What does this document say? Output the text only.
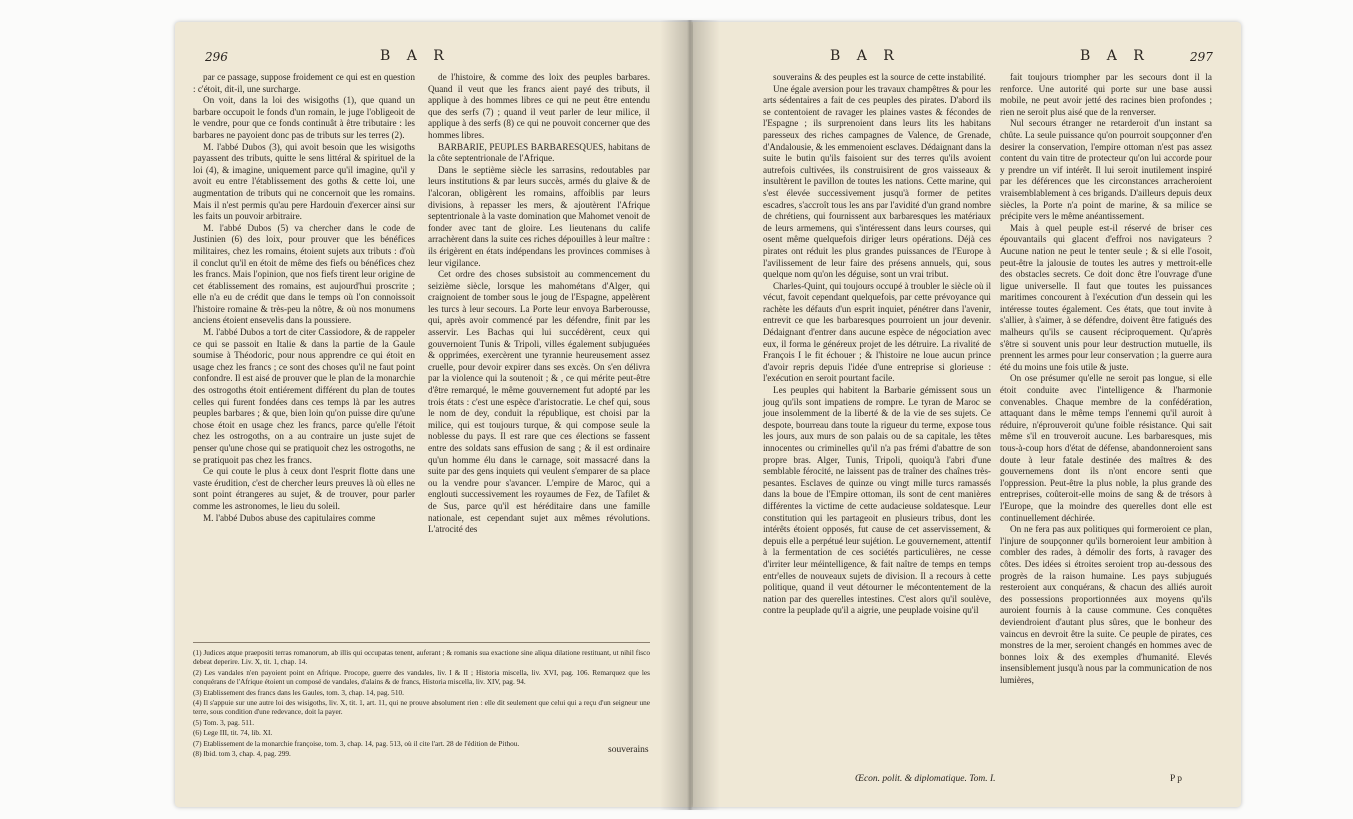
296	B A R

par ce passage, suppose froidement ce qui est en question : c'étoit, dit-il, une surcharge.

On voit, dans la loi des wisigoths (1), que quand un barbare occupoit le fonds d'un romain, le juge l'obligeoit de le vendre, pour que ce fonds continuât à être tributaire : les barbares ne payoient donc pas de tributs sur les terres (2).

M. l'abbé Dubos (3), qui avoit besoin que les wisigoths payassent des tributs, quitte le sens littéral & spirituel de la loi (4), & imagine, uniquement parce qu'il imagine, qu'il y avoit eu entre l'établissement des goths & cette loi, une augmentation de tributs qui ne concernoit que les romains. Mais il n'est permis qu'au pere Hardouin d'exercer ainsi sur les faits un pouvoir arbitraire.

M. l'abbé Dubos (5) va chercher dans le code de Justinien (6) des loix, pour prouver que les bénéfices militaires, chez les romains, étoient sujets aux tributs : d'où il conclut qu'il en étoit de même des fiefs ou bénéfices chez les francs. Mais l'opinion, que nos fiefs tirent leur origine de cet établissement des romains, est aujourd'hui proscrite ; elle n'a eu de crédit que dans le temps où l'on connoissoit l'histoire romaine & très-peu la nôtre, & où nos monumens anciens étoient ensevelis dans la poussiere.

M. l'abbé Dubos a tort de citer Cassiodore, & de rappeler ce qui se passoit en Italie & dans la partie de la Gaule soumise à Théodoric, pour nous apprendre ce qui étoit en usage chez les francs ; ce sont des choses qu'il ne faut point confondre. Il est aisé de prouver que le plan de la monarchie des ostrogoths étoit entiérement différent du plan de toutes celles qui furent fondées dans ces temps là par les autres peuples barbares ; & que, bien loin qu'on puisse dire qu'une chose étoit en usage chez les francs, parce qu'elle l'étoit chez les ostrogoths, on a au contraire un juste sujet de penser qu'une chose qui se pratiquoit chez les ostrogoths, ne se pratiquoit pas chez les francs.

Ce qui coute le plus à ceux dont l'esprit flotte dans une vaste érudition, c'est de chercher leurs preuves là où elles ne sont point étrangeres au sujet, & de trouver, pour parler comme les astronomes, le lieu du soleil.

M. l'abbé Dubos abuse des capitulaires comme

de l'histoire, & comme des loix des peuples barbares. Quand il veut que les francs aient payé des tributs, il applique à des hommes libres ce qui ne peut être entendu que des serfs (7) ; quand il veut parler de leur milice, il applique à des serfs (8) ce qui ne pouvoit concerner que des hommes libres.

BARBARIE, PEUPLES BARBARESQUES, habitans de la côte septentrionale de l'Afrique.

Dans le septième siècle les sarrasins, redoutables par leurs institutions & par leurs succès, armés du glaive & de l'alcoran, obligèrent les romains, affoiblis par leurs divisions, à repasser les mers, & ajoutèrent l'Afrique septentrionale à la vaste domination que Mahomet venoit de fonder avec tant de gloire. Les lieutenans du calife arrachèrent dans la suite ces riches dépouilles à leur maître : ils érigèrent en états indépendans les provinces commises à leur vigilance.

Cet ordre des choses subsistoit au commencement du seizième siècle, lorsque les mahométans d'Alger, qui craignoient de tomber sous le joug de l'Espagne, appelèrent les turcs à leur secours. La Porte leur envoya Barberousse, qui, après avoir commencé par les défendre, finit par les asservir. Les Bachas qui lui succédèrent, ceux qui gouvernoient Tunis & Tripoli, villes également subjuguées & opprimées, exercèrent une tyrannie heureusement assez cruelle, pour devoir expirer dans ses excès. On s'en délivra par la violence qui la soutenoit ; & , ce qui mérite peut-être d'être remarqué, le même gouvernement fut adopté par les trois états : c'est une espèce d'aristocratie. Le chef qui, sous le nom de dey, conduit la république, est choisi par la milice, qui est toujours turque, & qui compose seule la noblesse du pays. Il est rare que ces élections se fassent entre des soldats sans effusion de sang ; & il est ordinaire qu'un homme élu dans le carnage, soit massacré dans la suite par des gens inquiets qui veulent s'emparer de sa place ou la vendre pour s'avancer. L'empire de Maroc, qui a englouti successivement les royaumes de Fez, de Tafilet & de Sus, parce qu'il est héréditaire dans une famille nationale, est cependant sujet aux mêmes révolutions. L'atrocité des

(1) Judices atque praepositi terras romanorum, ab illis qui occupatas tenent, auferant ; & romanis sua exactione sine aliqua dilatione restituant, ut nihil fisco debeat deperire. Liv. X, tit. 1, chap. 14.

(2) Les vandales n'en payoient point en Afrique. Procope, guerre des vandales, liv. I & II ; Historia miscella, liv. XVI, pag. 106. Remarquez que les conquérans de l'Afrique étoient un composé de vandales, d'alains & de francs, Historia miscella, liv. XIV, pag. 94.

(3) Etablissement des francs dans les Gaules, tom. 3, chap. 14, pag. 510.

(4) Il s'appuie sur une autre loi des wisigoths, liv. X, tit. 1, art. 11, qui ne prouve absolument rien : elle dit seulement que celui qui a reçu d'un seigneur une terre, sous condition d'une redevance, doit la payer.

(5) Tom. 3, pag. 511.

(6) Lege III, tit. 74, lib. XI.

(7) Etablissement de la monarchie françoise, tom. 3, chap. 14, pag. 513, où il cite l'art. 28 de l'édition de Pithou.

(8) Ibid. tom 3, chap. 4, pag. 299.	souverains
B A R	B A R	297

souverains & des peuples est la source de cette instabilité.

Une égale aversion pour les travaux champêtres & pour les arts sédentaires a fait de ces peuples des pirates. D'abord ils se contentoient de ravager les plaines vastes & fécondes de l'Espagne ; ils surprenoient dans leurs lits les habitans paresseux des riches campagnes de Valence, de Grenade, d'Andalousie, & les emmenoient esclaves. Dédaignant dans la suite le butin qu'ils faisoient sur des terres qu'ils avoient autrefois cultivées, ils construisirent de gros vaisseaux & insultèrent le pavillon de toutes les nations. Cette marine, qui s'est élevée successivement jusqu'à former de petites escadres, s'accroît tous les ans par l'avidité d'un grand nombre de chrétiens, qui fournissent aux barbaresques les matériaux de leurs armemens, qui s'intéressent dans leurs courses, qui osent même quelquefois diriger leurs opérations. Déjà ces pirates ont réduit les plus grandes puissances de l'Europe à l'avilissement de leur faire des présens annuels, qui, sous quelque nom qu'on les déguise, sont un vrai tribut.

Charles-Quint, qui toujours occupé à troubler le siècle où il vécut, favoit cependant quelquefois, par cette prévoyance qui rachète les défauts d'un esprit inquiet, pénétrer dans l'avenir, entrevit ce que les barbaresques pourroient un jour devenir. Dédaignant d'entrer dans aucune espèce de négociation avec eux, il forma le généreux projet de les détruire. La rivalité de François I le fit échouer ; & l'histoire ne loue aucun prince d'avoir repris depuis l'idée d'une entreprise si glorieuse : l'exécution en seroit pourtant facile.

Les peuples qui habitent la Barbarie gémissent sous un joug qu'ils sont impatiens de rompre. Le tyran de Maroc se joue insolemment de la liberté & de la vie de ses sujets. Ce despote, bourreau dans toute la rigueur du terme, expose tous les jours, aux murs de son palais ou de sa capitale, les têtes innocentes ou criminelles qu'il n'a pas frémi d'abattre de son propre bras. Alger, Tunis, Tripoli, quoiqu'à l'abri d'une semblable férocité, ne laissent pas de traîner des chaînes très-pesantes. Esclaves de quinze ou vingt mille turcs ramassés dans la boue de l'Empire ottoman, ils sont de cent manières différentes la victime de cette audacieuse soldatesque. Leur constitution qui les partageoit en plusieurs tribus, dont les intérêts étoient opposés, fut cause de cet asservissement, & depuis elle a perpétué leur sujétion. Le gouvernement, attentif à la fermentation de ces sociétés particulières, ne cesse d'irriter leur méintelligence, & fait naître de temps en temps entr'elles de nouveaux sujets de division. Il a recours à cette politique, quand il veut détourner le mécontentement de la nation par des querelles intestines. C'est alors qu'il soulève, contre la peuplade qu'il a aigrie, une peuplade voisine qu'il

fait toujours triompher par les secours dont il la renforce. Une autorité qui porte sur une base aussi mobile, ne peut avoir jetté des racines bien profondes ; rien ne seroit plus aisé que de la renverser.

Nul secours étranger ne retarderoit d'un instant sa chûte. La seule puissance qu'on pourroit soupçonner d'en desirer la conservation, l'empire ottoman n'est pas assez content du vain titre de protecteur qu'on lui accorde pour y prendre un vif intérêt. Il lui seroit inutilement inspiré par les déférences que les circonstances arracheroient vraisemblablement à ces brigands. D'ailleurs depuis deux siècles, la Porte n'a point de marine, & sa milice se précipite vers le même anéantissement.

Mais à quel peuple est-il réservé de briser ces épouvantails qui glacent d'effroi nos navigateurs ? Aucune nation ne peut le tenter seule ; & si elle l'osoit, peut-être la jalousie de toutes les autres y mettroit-elle des obstacles secrets. Ce doit donc être l'ouvrage d'une ligue universelle. Il faut que toutes les puissances maritimes concourent à l'exécution d'un dessein qui les intéresse toutes également. Ces états, que tout invite à s'allier, à s'aimer, à se défendre, doivent être fatigués des malheurs qu'ils se causent réciproquement. Qu'après s'être si souvent unis pour leur destruction mutuelle, ils prennent les armes pour leur conservation ; la guerre aura été du moins une fois utile & juste.

On ose présumer qu'elle ne seroit pas longue, si elle étoit conduite avec l'intelligence & l'harmonie convenables. Chaque membre de la confédération, attaquant dans le même temps l'ennemi qu'il auroit à réduire, n'éprouveroit qu'une foible résistance. Qui sait même s'il en trouveroit aucune. Les barbaresques, mis tous-à-coup hors d'état de défense, abandonneroient sans doute à leur fatale destinée des maîtres & des gouvernemens dont ils n'ont encore senti que l'oppression. Peut-être la plus noble, la plus grande des entreprises, coûteroit-elle moins de sang & de trésors à l'Europe, que la moindre des querelles dont elle est continuellement déchirée.

On ne fera pas aux politiques qui formeroient ce plan, l'injure de soupçonner qu'ils borneroient leur ambition à combler des rades, à démolir des forts, à ravager des côtes. Des idées si étroites seroient trop au-dessous des progrès de la raison humaine. Les pays subjugués resteroient aux conquérans, & chacun des alliés auroit des possessions proportionnées aux moyens qu'ils auroient fournis à la cause commune. Ces conquêtes deviendroient d'autant plus sûres, que le bonheur des vaincus en devroit être la suite. Ce peuple de pirates, ces monstres de la mer, seroient changés en hommes avec de bonnes loix & des exemples d'humanité. Elevés insensiblement jusqu'à nous par la communication de nos lumières,

Œcon. polit. & diplomatique. Tom. I.	P p
